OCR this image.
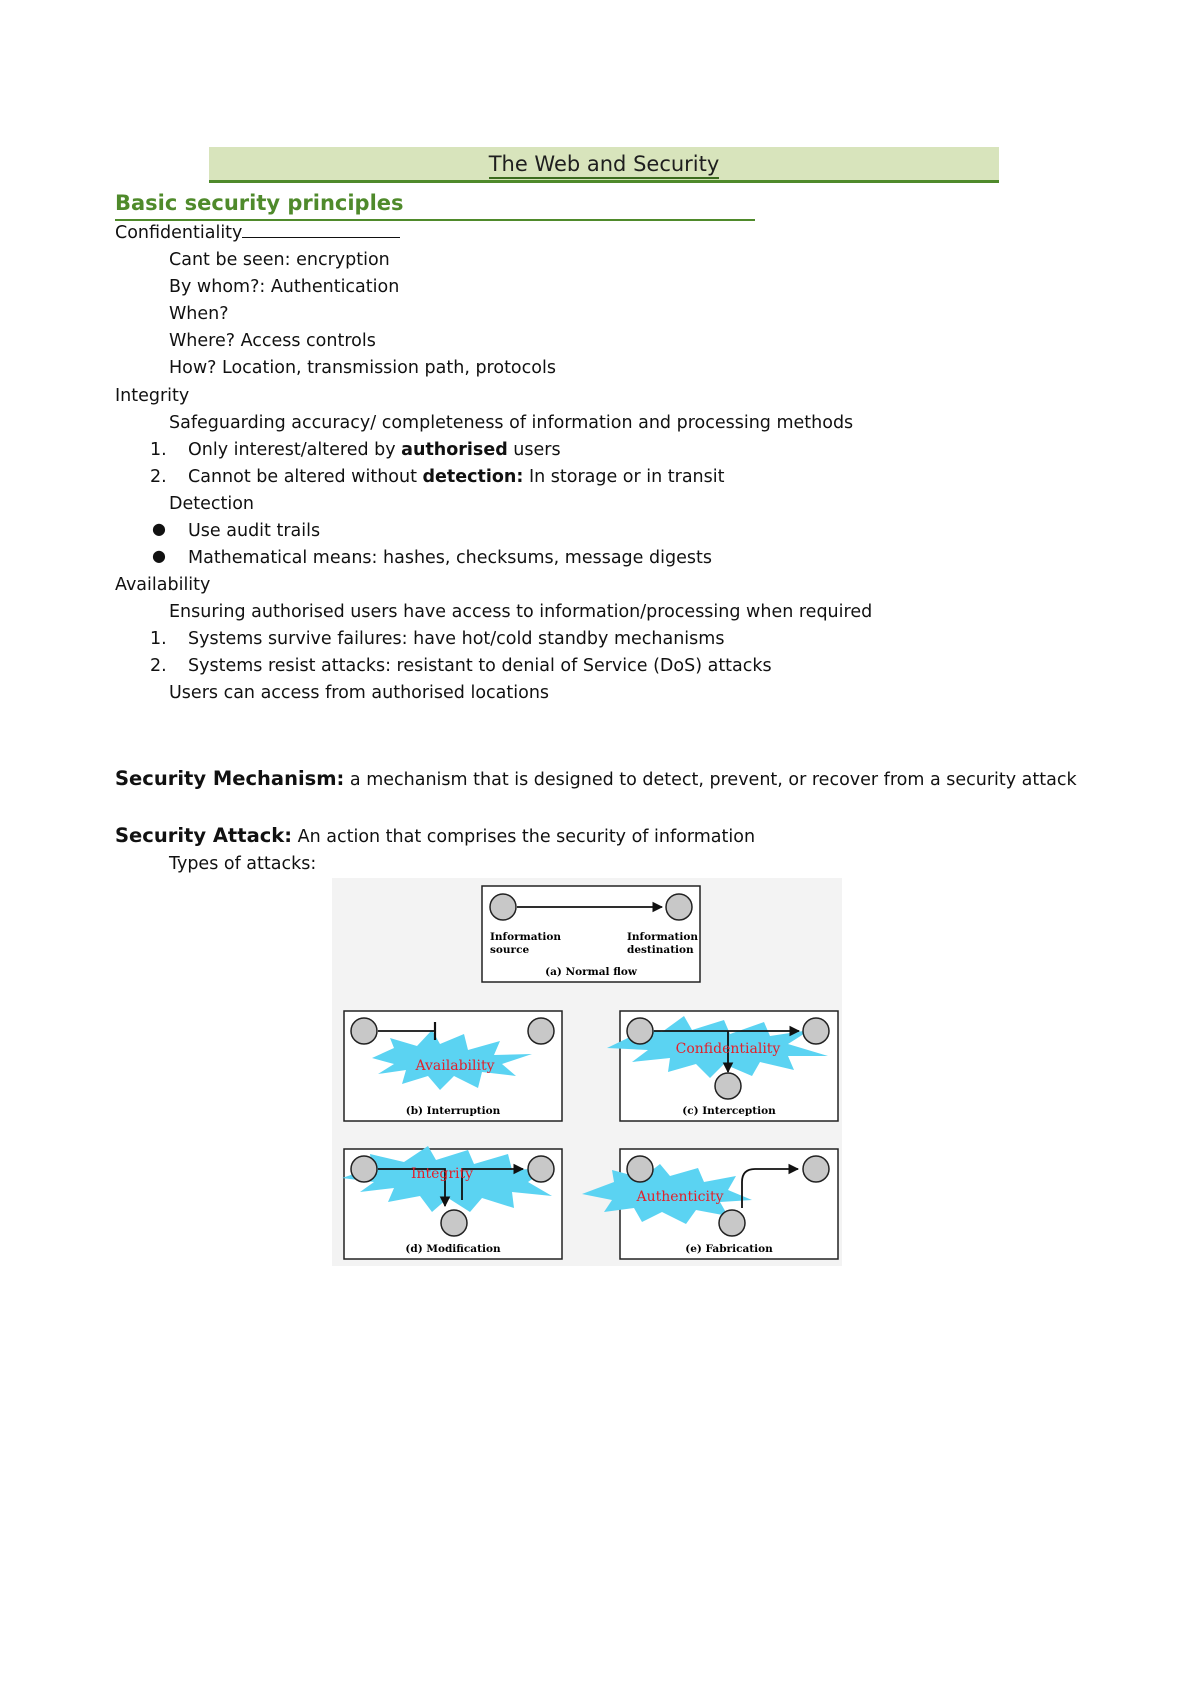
The Web and Security
Basic security principles
Confidentiality
Cant be seen: encryption
By whom?: Authentication
When?
Where? Access controls
How? Location, transmission path, protocols
Integrity
Safeguarding accuracy/ completeness of information and processing methods
1. Only interest/altered by authorised users
2. Cannot be altered without detection: In storage or in transit
Detection
● Use audit trails
● Mathematical means: hashes, checksums, message digests
Availability
Ensuring authorised users have access to information/processing when required
1. Systems survive failures: have hot/cold standby mechanisms
2. Systems resist attacks: resistant to denial of Service (DoS) attacks
Users can access from authorised locations
Security Mechanism: a mechanism that is designed to detect, prevent, or recover from a security attack
Security Attack: An action that comprises the security of information
Types of attacks:
Information
source
Information
destination
(a) Normal flow
Availability
(b) Interruption
Confidentiality
(c) Interception
Integrity
(d) Modification
Authenticity
(e) Fabrication
